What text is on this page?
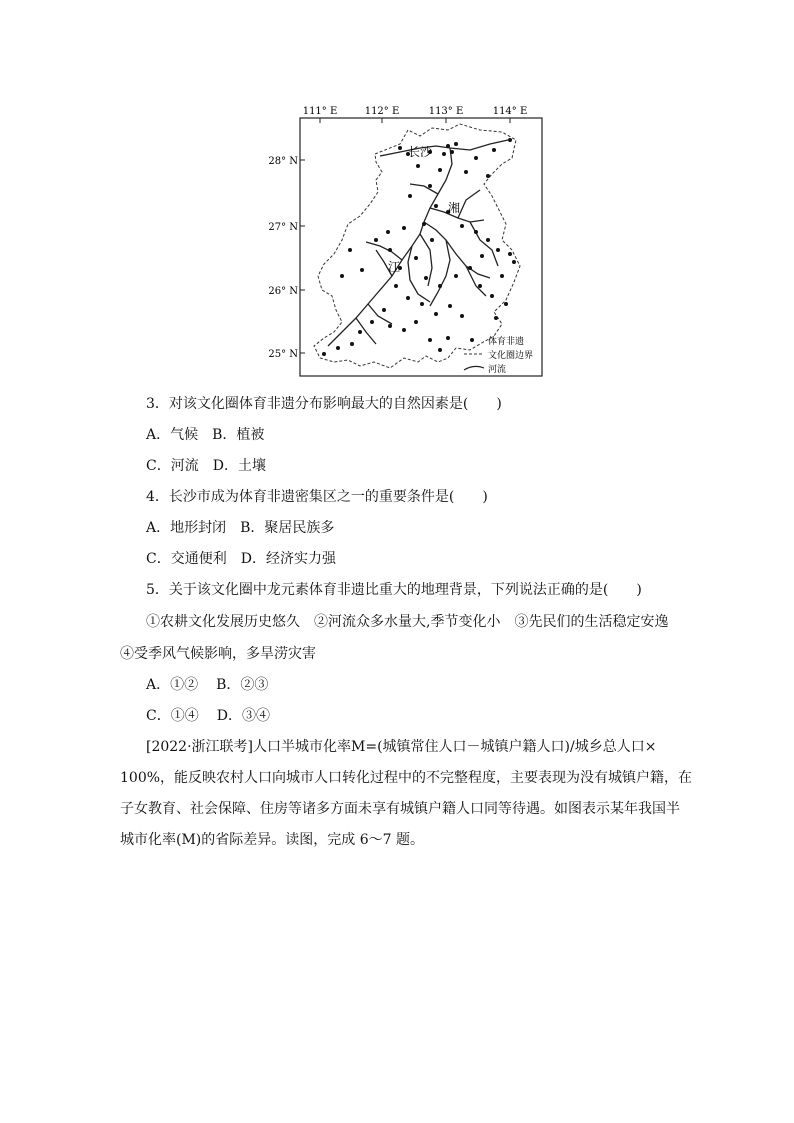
111° E	112° E	113° E	114° E
28° N
27° N
26° N
25° N
长沙
湘
江
体育非遗
文化圈边界
河流
3．对该文化圈体育非遗分布影响最大的自然因素是(　　)
A．气候 B．植被
C．河流 D．土壤
4．长沙市成为体育非遗密集区之一的重要条件是(　　)
A．地形封闭 B．聚居民族多
C．交通便利 D．经济实力强
5．关于该文化圈中龙元素体育非遗比重大的地理背景，下列说法正确的是(　　)
①农耕文化发展历史悠久 ②河流众多水量大,季节变化小 ③先民们的生活稳定安逸
④受季风气候影响，多旱涝灾害
A．①② B．②③
C．①④ D．③④
[2022·浙江联考]人口半城市化率M=(城镇常住人口－城镇户籍人口)/城乡总人口×
100%，能反映农村人口向城市人口转化过程中的不完整程度，主要表现为没有城镇户籍，在
子女教育、社会保障、住房等诸多方面未享有城镇户籍人口同等待遇。如图表示某年我国半
城市化率(M)的省际差异。读图，完成 6～7 题。
